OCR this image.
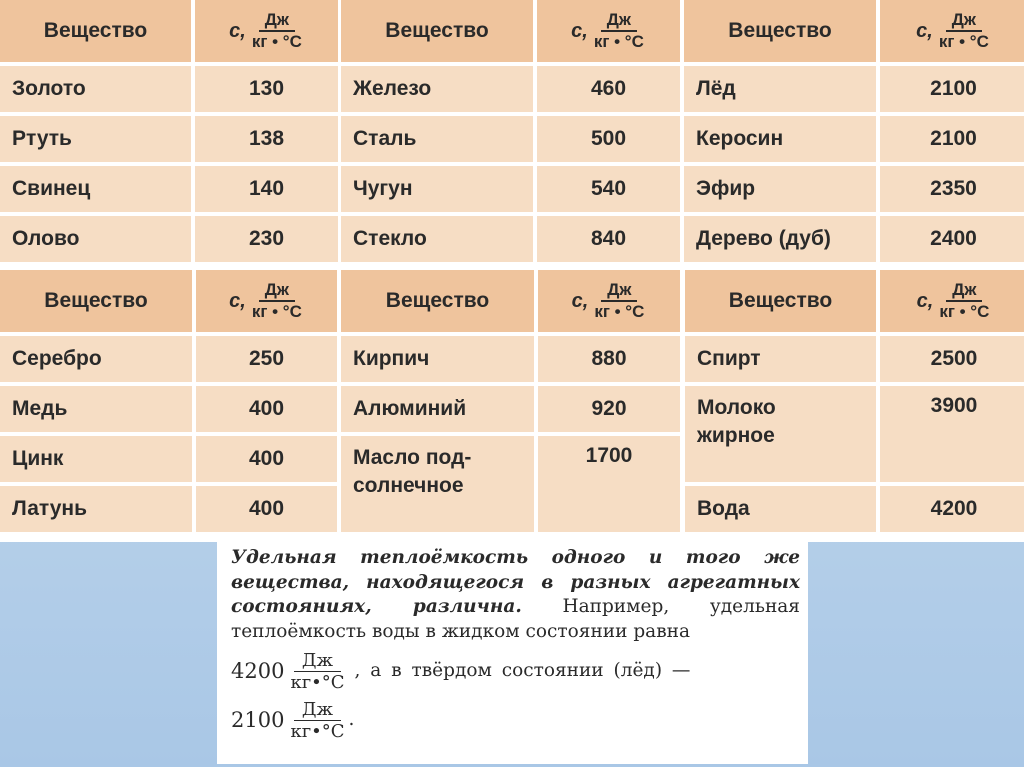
Вещество	c, $\frac{Дж}{кг • ^\circ С}$

Золото	130
Ртуть	138
Свинец	140
Олово	230
Вещество	c, $\frac{Дж}{кг • ^\circ С}$

Железо	460
Сталь	500
Чугун	540
Стекло	840
Вещество	c, $\frac{Дж}{кг • ^\circ С}$

Лёд	2100
Керосин	2100
Эфир	2350
Дерево (дуб)	2400
Вещество	c, $\frac{Дж}{кг • ^\circ С}$

Серебро	250
Медь	400
Цинк	400
Латунь	400
Вещество	c, $\frac{Дж}{кг • ^\circ С}$

Кирпич	880
Алюминий	920
Масло под-
солнечное	1700
Вещество	c, $\frac{Дж}{кг • ^\circ С}$

Спирт	2500
Молоко
жирное	3900
Вода	4200
Удельная теплоёмкость одного и того же вещества, находящегося в разных агрегатных состояниях, различна. Например, удельная теплоёмкость воды в жидком состоянии равна
$4200 \frac{Дж}{кг•^\circ С}$ , а в твёрдом состоянии (лёд) —
$2100 \frac{Дж}{кг•^\circ С}$ .
